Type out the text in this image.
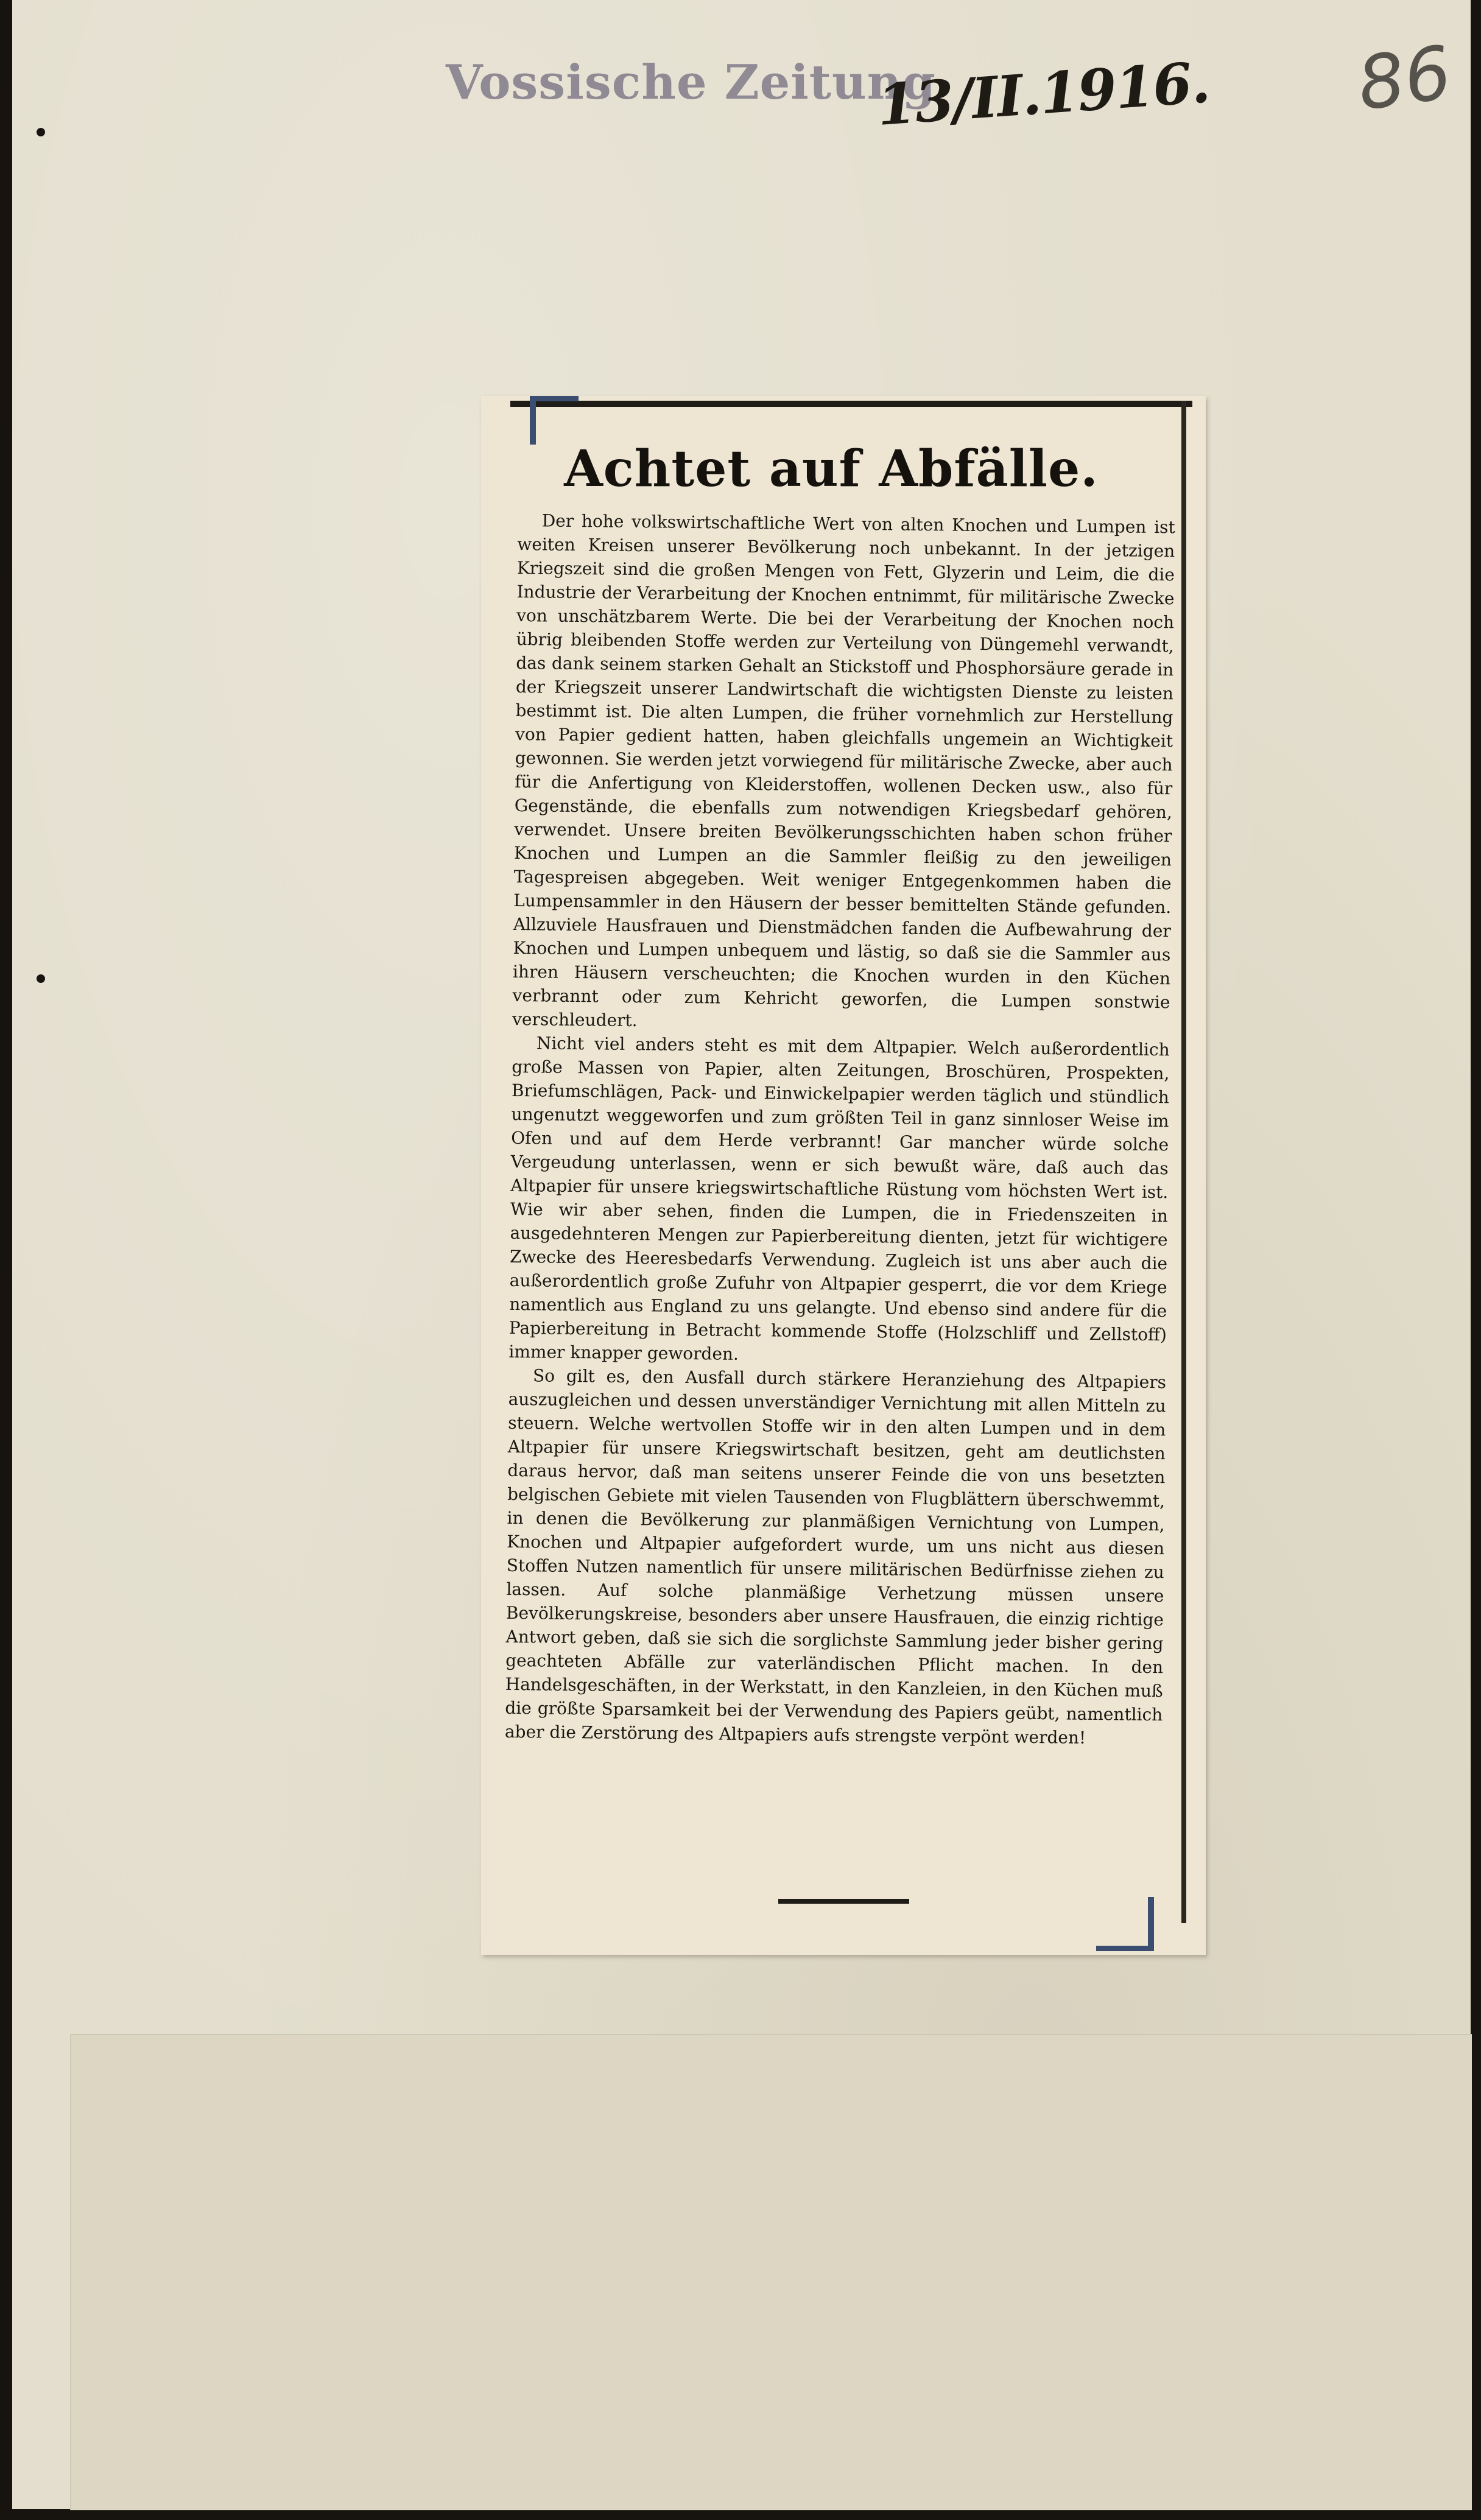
Vossische Zeitung
13/II.1916. 86
Achtet auf Abfälle.

Der hohe volkswirtschaftliche Wert von alten Knochen und Lumpen ist weiten Kreisen unserer Bevölkerung noch unbekannt. In der jetzigen Kriegszeit sind die großen Mengen von Fett, Glyzerin und Leim, die die Industrie der Verarbeitung der Knochen entnimmt, für militärische Zwecke von unschätzbarem Werte. Die bei der Verarbeitung der Knochen noch übrig bleibenden Stoffe werden zur Verteilung von Düngemehl verwandt, das dank seinem starken Gehalt an Stickstoff und Phosphorsäure gerade in der Kriegszeit unserer Landwirtschaft die wichtigsten Dienste zu leisten bestimmt ist. Die alten Lumpen, die früher vornehmlich zur Herstellung von Papier gedient hatten, haben gleichfalls ungemein an Wichtigkeit gewonnen. Sie werden jetzt vorwiegend für militärische Zwecke, aber auch für die Anfertigung von Kleiderstoffen, wollenen Decken usw., also für Gegenstände, die ebenfalls zum notwendigen Kriegsbedarf gehören, verwendet. Unsere breiten Bevölkerungsschichten haben schon früher Knochen und Lumpen an die Sammler fleißig zu den jeweiligen Tagespreisen abgegeben. Weit weniger Entgegenkommen haben die Lumpensammler in den Häusern der besser bemittelten Stände gefunden. Allzuviele Hausfrauen und Dienstmädchen fanden die Aufbewahrung der Knochen und Lumpen unbequem und lästig, so daß sie die Sammler aus ihren Häusern verscheuchten; die Knochen wurden in den Küchen verbrannt oder zum Kehricht geworfen, die Lumpen sonstwie verschleudert.

Nicht viel anders steht es mit dem Altpapier. Welch außerordentlich große Massen von Papier, alten Zeitungen, Broschüren, Prospekten, Briefumschlägen, Pack- und Einwickelpapier werden täglich und stündlich ungenutzt weggeworfen und zum größten Teil in ganz sinnloser Weise im Ofen und auf dem Herde verbrannt! Gar mancher würde solche Vergeudung unterlassen, wenn er sich bewußt wäre, daß auch das Altpapier für unsere kriegswirtschaftliche Rüstung vom höchsten Wert ist. Wie wir aber sehen, finden die Lumpen, die in Friedenszeiten in ausgedehnteren Mengen zur Papierbereitung dienten, jetzt für wichtigere Zwecke des Heeresbedarfs Verwendung. Zugleich ist uns aber auch die außerordentlich große Zufuhr von Altpapier gesperrt, die vor dem Kriege namentlich aus England zu uns gelangte. Und ebenso sind andere für die Papierbereitung in Betracht kommende Stoffe (Holzschliff und Zellstoff) immer knapper geworden.

So gilt es, den Ausfall durch stärkere Heranziehung des Altpapiers auszugleichen und dessen unverständiger Vernichtung mit allen Mitteln zu steuern. Welche wertvollen Stoffe wir in den alten Lumpen und in dem Altpapier für unsere Kriegswirtschaft besitzen, geht am deutlichsten daraus hervor, daß man seitens unserer Feinde die von uns besetzten belgischen Gebiete mit vielen Tausenden von Flugblättern überschwemmt, in denen die Bevölkerung zur planmäßigen Vernichtung von Lumpen, Knochen und Altpapier aufgefordert wurde, um uns nicht aus diesen Stoffen Nutzen namentlich für unsere militärischen Bedürfnisse ziehen zu lassen. Auf solche planmäßige Verhetzung müssen unsere Bevölkerungskreise, besonders aber unsere Hausfrauen, die einzig richtige Antwort geben, daß sie sich die sorglichste Sammlung jeder bisher gering geachteten Abfälle zur vaterländischen Pflicht machen. In den Handelsgeschäften, in der Werkstatt, in den Kanzleien, in den Küchen muß die größte Sparsamkeit bei der Verwendung des Papiers geübt, namentlich aber die Zerstörung des Altpapiers aufs strengste verpönt werden!
